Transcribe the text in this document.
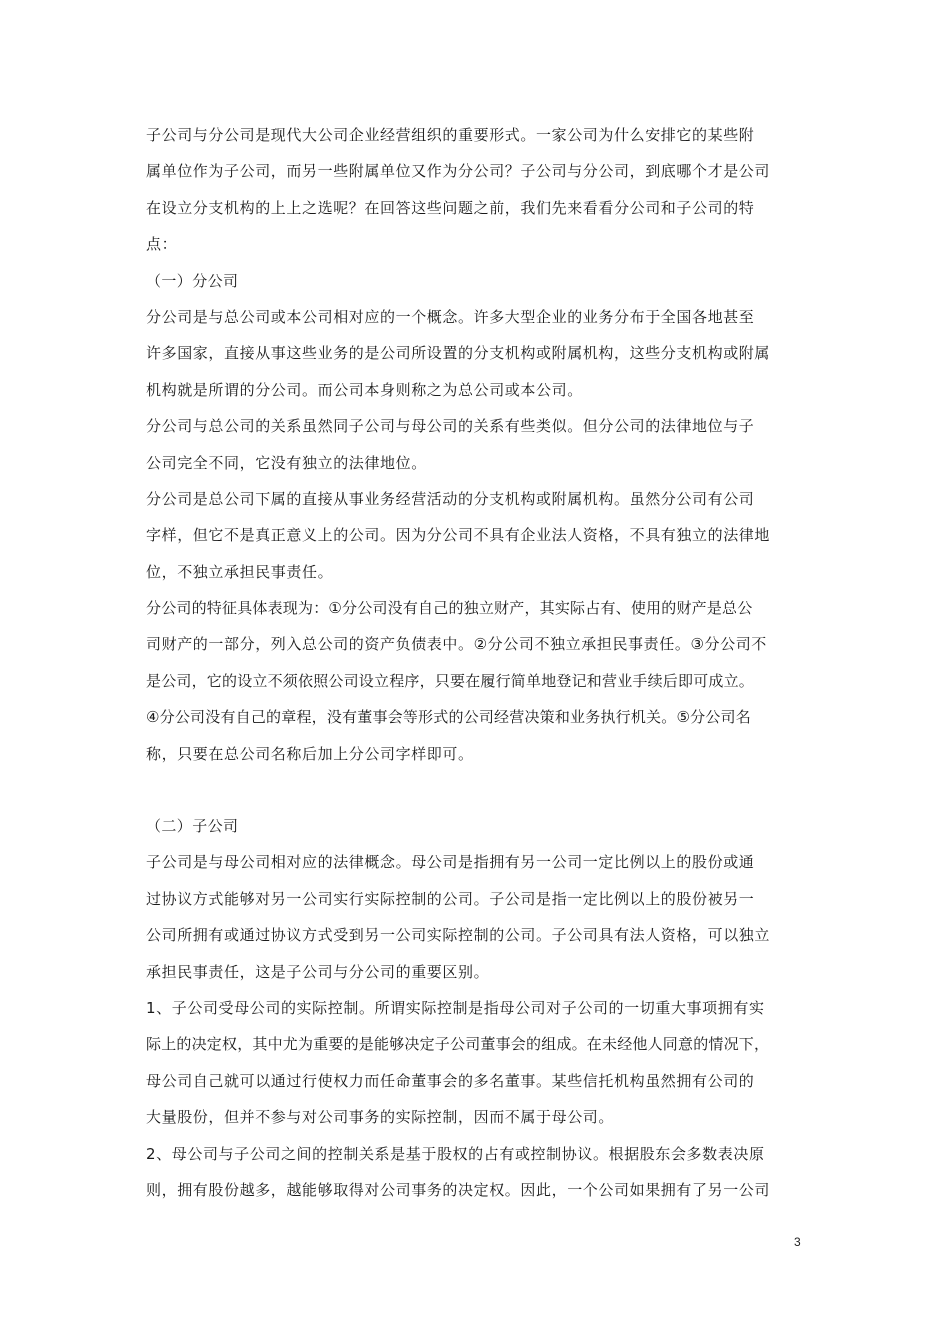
子公司与分公司是现代大公司企业经营组织的重要形式。一家公司为什么安排它的某些附
属单位作为子公司，而另一些附属单位又作为分公司？子公司与分公司，到底哪个才是公司
在设立分支机构的上上之选呢？在回答这些问题之前，我们先来看看分公司和子公司的特
点：
（一）分公司
分公司是与总公司或本公司相对应的一个概念。许多大型企业的业务分布于全国各地甚至
许多国家，直接从事这些业务的是公司所设置的分支机构或附属机构，这些分支机构或附属
机构就是所谓的分公司。而公司本身则称之为总公司或本公司。
分公司与总公司的关系虽然同子公司与母公司的关系有些类似。但分公司的法律地位与子
公司完全不同，它没有独立的法律地位。
分公司是总公司下属的直接从事业务经营活动的分支机构或附属机构。虽然分公司有公司
字样，但它不是真正意义上的公司。因为分公司不具有企业法人资格，不具有独立的法律地
位，不独立承担民事责任。
分公司的特征具体表现为：①分公司没有自己的独立财产，其实际占有、使用的财产是总公
司财产的一部分，列入总公司的资产负债表中。②分公司不独立承担民事责任。③分公司不
是公司，它的设立不须依照公司设立程序，只要在履行简单地登记和营业手续后即可成立。
④分公司没有自己的章程，没有董事会等形式的公司经营决策和业务执行机关。⑤分公司名
称，只要在总公司名称后加上分公司字样即可。
（二）子公司
子公司是与母公司相对应的法律概念。母公司是指拥有另一公司一定比例以上的股份或通
过协议方式能够对另一公司实行实际控制的公司。子公司是指一定比例以上的股份被另一
公司所拥有或通过协议方式受到另一公司实际控制的公司。子公司具有法人资格，可以独立
承担民事责任，这是子公司与分公司的重要区别。
1、子公司受母公司的实际控制。所谓实际控制是指母公司对子公司的一切重大事项拥有实
际上的决定权，其中尤为重要的是能够决定子公司董事会的组成。在未经他人同意的情况下，
母公司自己就可以通过行使权力而任命董事会的多名董事。某些信托机构虽然拥有公司的
大量股份，但并不参与对公司事务的实际控制，因而不属于母公司。
2、母公司与子公司之间的控制关系是基于股权的占有或控制协议。根据股东会多数表决原
则，拥有股份越多，越能够取得对公司事务的决定权。因此，一个公司如果拥有了另一公司
3
